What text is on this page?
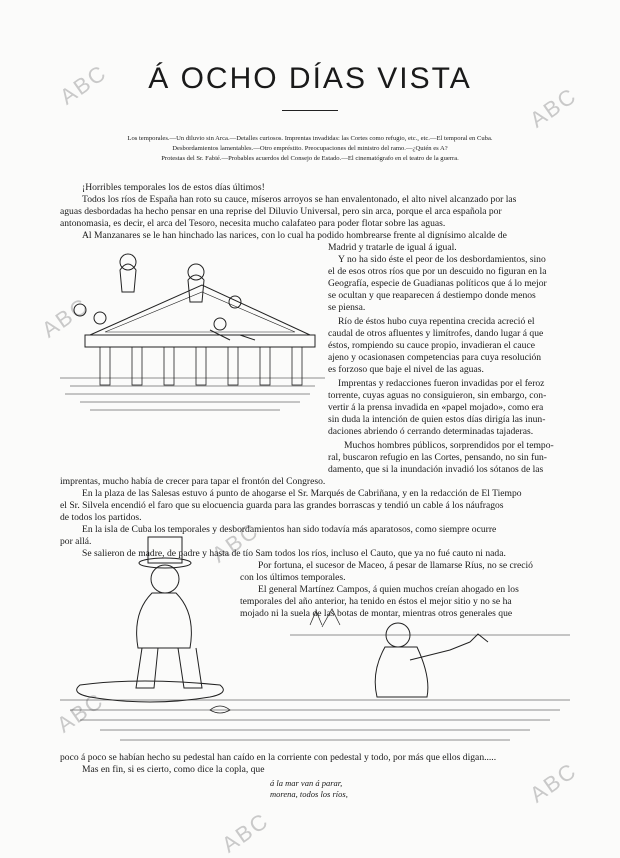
ABC	ABC
ABC
ABC
ABC
ABC
ABC
Á OCHO DÍAS VISTA
Los temporales.—Un diluvio sin Arca.—Detalles curiosos. Imprentas invadidas: las Cortes como refugio, etc., etc.—El temporal en Cuba.
Desbordamientos lamentables.—Otro empréstito. Preocupaciones del ministro del ramo.—¿Quién es A?
Protestas del Sr. Fabié.—Probables acuerdos del Consejo de Estado.—El cinematógrafo en el teatro de la guerra.
¡Horribles temporales los de estos días últimos!
Todos los ríos de España han roto su cauce, míseros arroyos se han envalentonado, el alto nivel alcanzado por las
aguas desbordadas ha hecho pensar en una reprise del Diluvio Universal, pero sin arca, porque el arca española por
antonomasia, es decir, el arca del Tesoro, necesita mucho calafateo para poder flotar sobre las aguas.
Al Manzanares se le han hinchado las narices, con lo cual ha podido hombrearse frente al dignísimo alcalde de
Madrid y tratarle de igual á igual.
Y no ha sido éste el peor de los desbordamientos, sino
el de esos otros ríos que por un descuido no figuran en la
Geografía, especie de Guadianas políticos que á lo mejor
se ocultan y que reaparecen á destiempo donde menos
se piensa.
Río de éstos hubo cuya repentina crecida acreció el
caudal de otros afluentes y limítrofes, dando lugar á que
éstos, rompiendo su cauce propio, invadieran el cauce
ajeno y ocasionasen competencias para cuya resolución
es forzoso que baje el nivel de las aguas.
Imprentas y redacciones fueron invadidas por el feroz
torrente, cuyas aguas no consiguieron, sin embargo, con-
vertir á la prensa invadida en «papel mojado», como era
sin duda la intención de quien estos días dirigía las inun-
daciones abriendo ó cerrando determinadas tajaderas.
Muchos hombres públicos, sorprendidos por el tempo-
ral, buscaron refugio en las Cortes, pensando, no sin fun-
damento, que si la inundación invadió los sótanos de las
imprentas, mucho había de crecer para tapar el frontón del Congreso.
En la plaza de las Salesas estuvo á punto de ahogarse el Sr. Marqués de Cabriñana, y en la redacción de El Tiempo
el Sr. Silvela encendió el faro que su elocuencia guarda para las grandes borrascas y tendió un cable á los náufragos
de todos los partidos.
En la isla de Cuba los temporales y desbordamientos han sido todavía más aparatosos, como siempre ocurre
por allá.
Se salieron de madre, de padre y hasta de tío Sam todos los ríos, incluso el Cauto, que ya no fué cauto ni nada.
Por fortuna, el sucesor de Maceo, á pesar de llamarse Ríus, no se creció
con los últimos temporales.
El general Martínez Campos, á quien muchos creían ahogado en los
temporales del año anterior, ha tenido en éstos el mejor sitio y no se ha
mojado ni la suela de las botas de montar, mientras otros generales que
poco á poco se habían hecho su pedestal han caído en la corriente con pedestal y todo, por más que ellos digan.....
Mas en fin, si es cierto, como dice la copla, que
á la mar van á parar,
morena, todos los ríos,
